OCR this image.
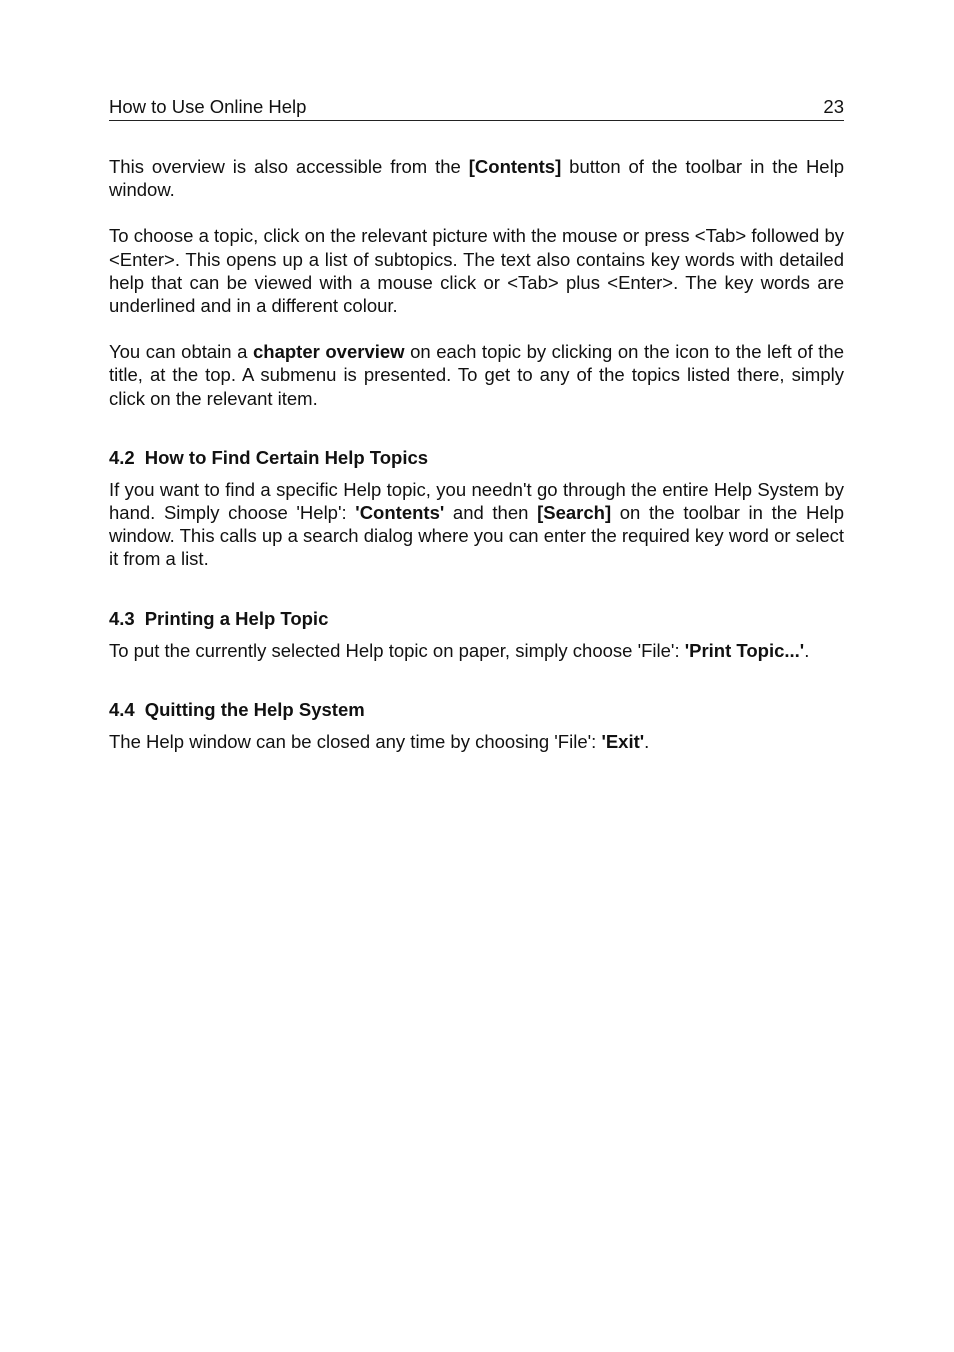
How to Use Online Help	23

This overview is also accessible from the [Contents] button of the toolbar in the Help window.

To choose a topic, click on the relevant picture with the mouse or press <Tab> followed by <Enter>. This opens up a list of subtopics. The text also contains key words with detailed help that can be viewed with a mouse click or <Tab> plus <Enter>. The key words are underlined and in a different colour.

You can obtain a chapter overview on each topic by clicking on the icon to the left of the title, at the top. A submenu is presented. To get to any of the topics listed there, simply click on the relevant item.

4.2 How to Find Certain Help Topics

If you want to find a specific Help topic, you needn't go through the entire Help System by hand. Simply choose 'Help': 'Contents' and then [Search] on the toolbar in the Help window. This calls up a search dialog where you can enter the required key word or select it from a list.

4.3 Printing a Help Topic

To put the currently selected Help topic on paper, simply choose 'File': 'Print Topic...'.

4.4 Quitting the Help System

The Help window can be closed any time by choosing 'File': 'Exit'.
